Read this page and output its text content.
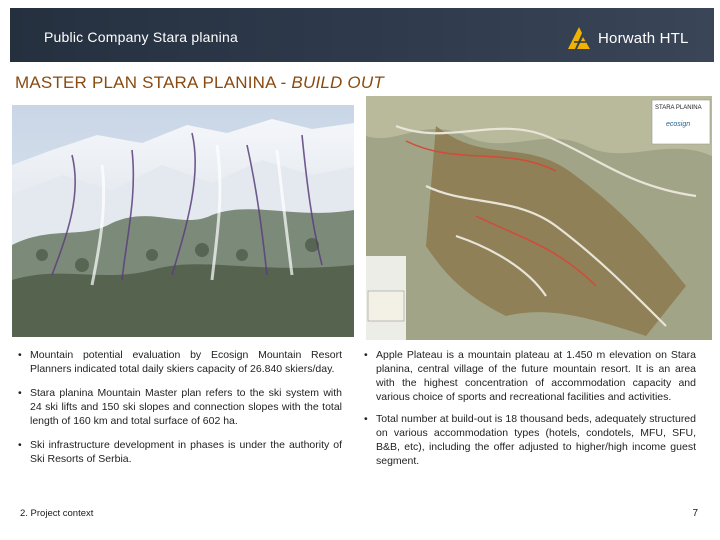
Public Company Stara planina	Horwath HTL
MASTER PLAN STARA PLANINA - BUILD OUT
STARA PLANINA
ecosign
• Mountain potential evaluation by Ecosign Mountain Resort Planners indicated total daily skiers capacity of 26.840 skiers/day.
• Stara planina Mountain Master plan refers to the ski system with 24 ski lifts and 150 ski slopes and connection slopes with the total length of 160 km and total surface of 602 ha.
• Ski infrastructure development in phases is under the authority of Ski Resorts of Serbia.
• Apple Plateau is a mountain plateau at 1.450 m elevation on Stara planina, central village of the future mountain resort. It is an area with the highest concentration of accommodation capacity and various choice of sports and recreational facilities and activities.
• Total number at build-out is 18 thousand beds, adequately structured on various accommodation types (hotels, condotels, MFU, SFU, B&B, etc), including the offer adjusted to higher/high income guest segment.
2. Project context	7
